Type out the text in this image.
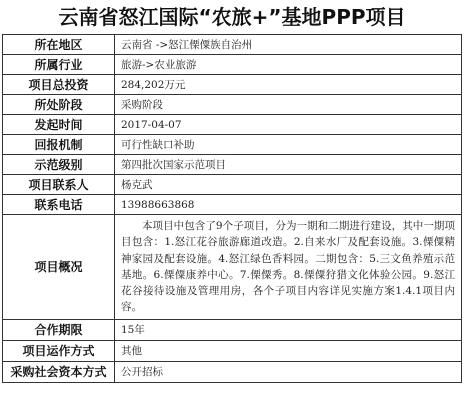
云南省怒江国际“农旅+”基地PPP项目
所在地区	云南省 ->怒江傈僳族自治州
所属行业	旅游->农业旅游
项目总投资	284,202万元
所处阶段	采购阶段
发起时间	2017-04-07
回报机制	可行性缺口补助
示范级别	第四批次国家示范项目
项目联系人	杨克武
联系电话	13988663868
项目概况	本项目中包含了9个子项目，分为一期和二期进行建设，其中一期项目包含：1.怒江花谷旅游廊道改造。2.自来水厂及配套设施。3.傈僳精神家园及配套设施。4.怒江绿色香料园。二期包含：5.三文鱼养殖示范基地。6.傈僳康养中心。7.傈僳秀。8.傈僳狩猎文化体验公园。9.怒江花谷接待设施及管理用房，各个子项目内容详见实施方案1.4.1项目内容。
合作期限	15年
项目运作方式	其他
采购社会资本方式	公开招标
